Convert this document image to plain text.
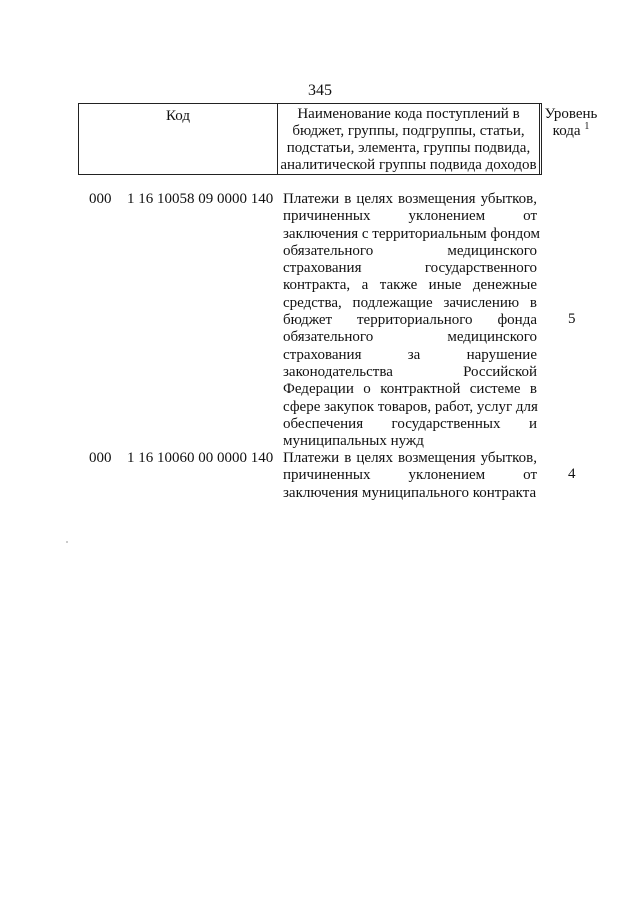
345
Код	Наименование кода поступлений в
бюджет, группы, подгруппы, статьи,
подстатьи, элемента, группы подвида,
аналитической группы подвида доходов
Уровень
кода $^1$
000 1 16 10058 09 0000 140 Платежи в целях возмещения убытков,
причиненных уклонением от
заключения с территориальным фондом
обязательного медицинского
страхования государственного
контракта, а также иные денежные
средства, подлежащие зачислению в
бюджет территориального фонда
обязательного медицинского
страхования за нарушение
законодательства Российской
Федерации о контрактной системе в
сфере закупок товаров, работ, услуг для
обеспечения государственных и
муниципальных нужд
5
000 1 16 10060 00 0000 140 Платежи в целях возмещения убытков,
причиненных уклонением от
заключения муниципального контракта
4
